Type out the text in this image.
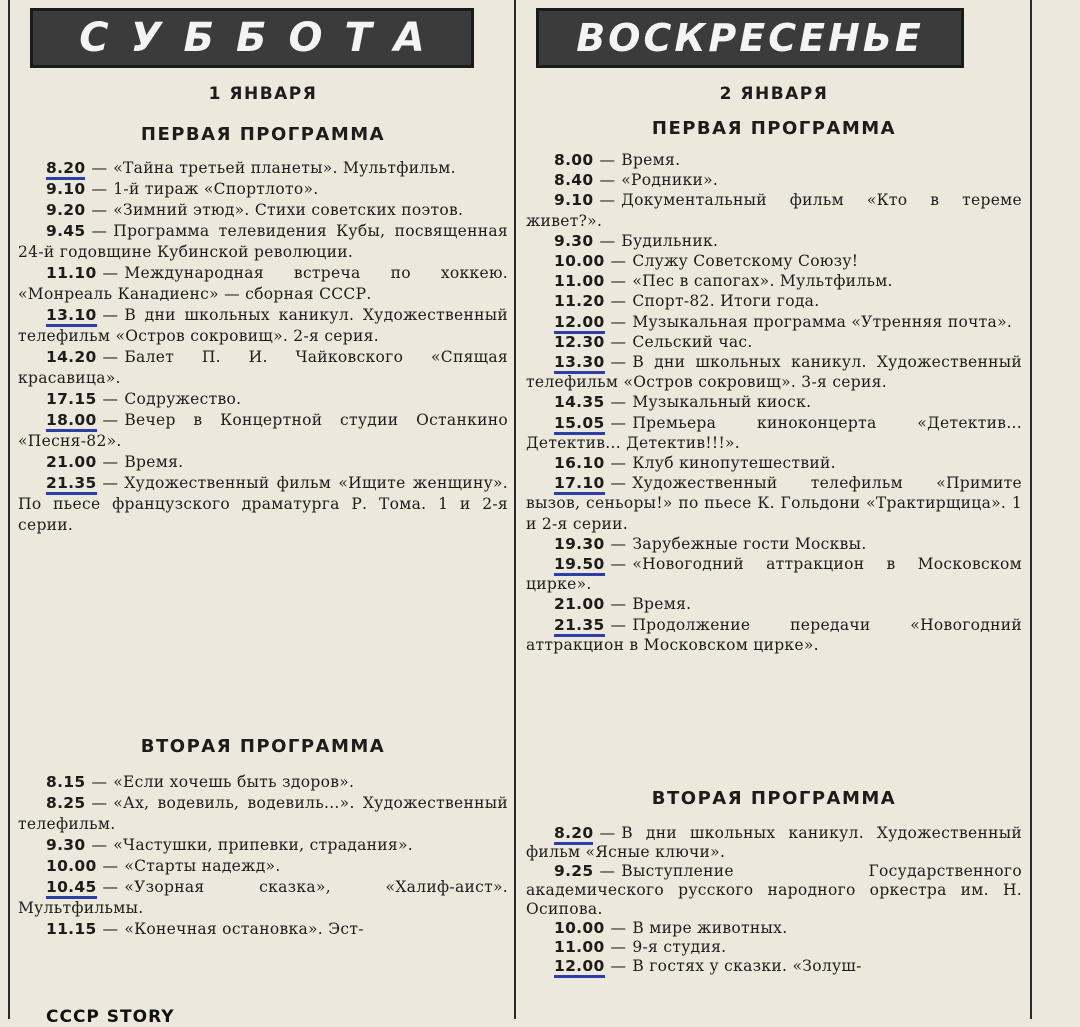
СУББОТА
1 ЯНВАРЯ
ПЕРВАЯ ПРОГРАММА
8.20 — «Тайна третьей планеты». Мультфильм.
9.10 — 1-й тираж «Спортлото».
9.20 — «Зимний этюд». Стихи советских поэтов.
9.45 — Программа телевидения Кубы, посвященная 24-й годовщине Кубинской революции.
11.10 — Международная встреча по хоккею. «Монреаль Канадиенс» — сборная СССР.
13.10 — В дни школьных каникул. Художественный телефильм «Остров сокровищ». 2-я серия.
14.20 — Балет П. И. Чайковского «Спящая красавица».
17.15 — Содружество.
18.00 — Вечер в Концертной студии Останкино «Песня-82».
21.00 — Время.
21.35 — Художественный фильм «Ищите женщину». По пьесе французского драматурга Р. Тома. 1 и 2-я серии.
ВТОРАЯ ПРОГРАММА
8.15 — «Если хочешь быть здоров».
8.25 — «Ах, водевиль, водевиль...». Художественный телефильм.
9.30 — «Частушки, припевки, страдания».
10.00 — «Старты надежд».
10.45 — «Узорная сказка», «Халиф-аист». Мультфильмы.
11.15 — «Конечная остановка». Эст-
ВОСКРЕСЕНЬЕ
2 ЯНВАРЯ
ПЕРВАЯ ПРОГРАММА
8.00 — Время.
8.40 — «Родники».
9.10 — Документальный фильм «Кто в тереме живет?».
9.30 — Будильник.
10.00 — Служу Советскому Союзу!
11.00 — «Пес в сапогах». Мультфильм.
11.20 — Спорт-82. Итоги года.
12.00 — Музыкальная программа «Утренняя почта».
12.30 — Сельский час.
13.30 — В дни школьных каникул. Художественный телефильм «Остров сокровищ». 3-я серия.
14.35 — Музыкальный киоск.
15.05 — Премьера киноконцерта «Детектив... Детектив... Детектив!!!».
16.10 — Клуб кинопутешествий.
17.10 — Художественный телефильм «Примите вызов, сеньоры!» по пьесе К. Гольдони «Трактирщица». 1 и 2-я серии.
19.30 — Зарубежные гости Москвы.
19.50 — «Новогодний аттракцион в Московском цирке».
21.00 — Время.
21.35 — Продолжение передачи «Новогодний аттракцион в Московском цирке».
ВТОРАЯ ПРОГРАММА
8.20 — В дни школьных каникул. Художественный фильм «Ясные ключи».
9.25 — Выступление Государственного академического русского народного оркестра им. Н. Осипова.
10.00 — В мире животных.
11.00 — 9-я студия.
12.00 — В гостях у сказки. «Золуш-
CCCP STORY
